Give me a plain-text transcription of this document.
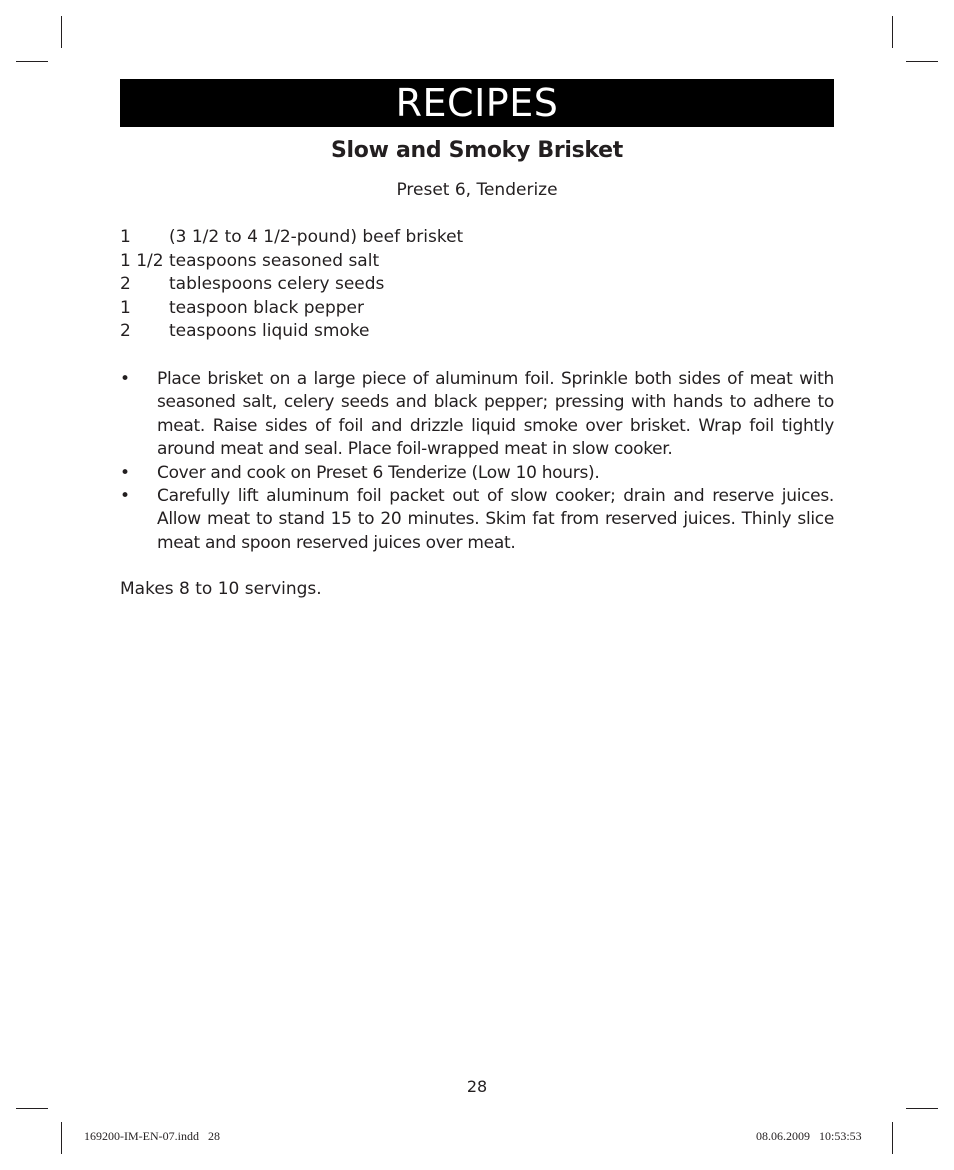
RECIPES
Slow and Smoky Brisket
Preset 6, Tenderize
1	(3 1/2 to 4 1/2-pound) beef brisket
1 1/2 teaspoons seasoned salt
2	tablespoons celery seeds
1	teaspoon black pepper
2	teaspoons liquid smoke
•	Place brisket on a large piece of aluminum foil. Sprinkle both sides of meat with seasoned salt, celery seeds and black pepper; pressing with hands to adhere to meat. Raise sides of foil and drizzle liquid smoke over brisket. Wrap foil tightly around meat and seal. Place foil-wrapped meat in slow cooker.
•	Cover and cook on Preset 6 Tenderize (Low 10 hours).
•	Carefully lift aluminum foil packet out of slow cooker; drain and reserve juices. Allow meat to stand 15 to 20 minutes. Skim fat from reserved juices. Thinly slice meat and spoon reserved juices over meat.
Makes 8 to 10 servings.
28
169200-IM-EN-07.indd   28	08.06.2009   10:53:53
